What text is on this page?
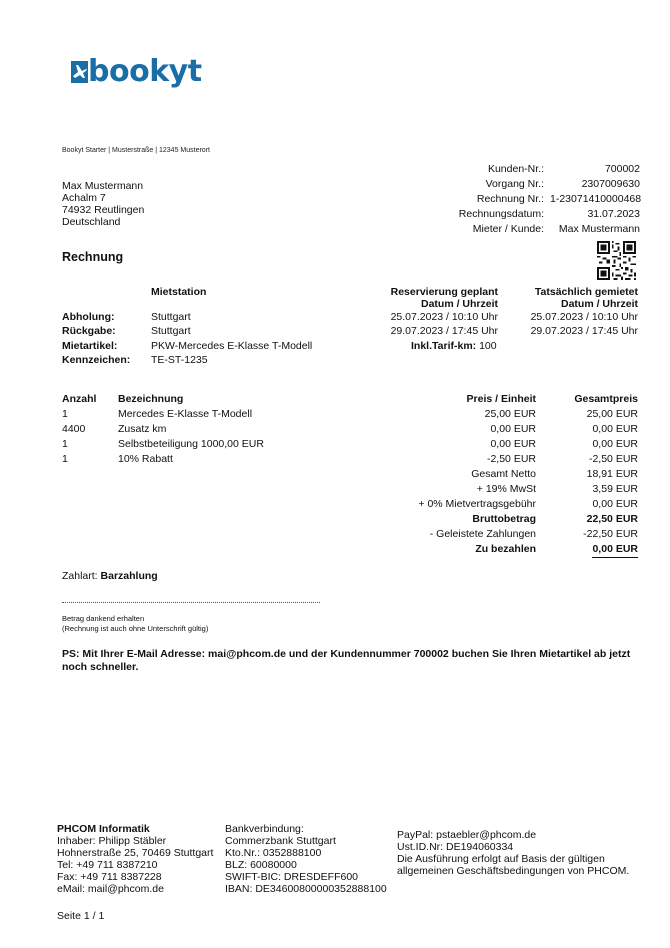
bookyt
Bookyt Starter | Musterstraße | 12345 Musterort
Max Mustermann
Achalm 7
74932 Reutlingen
Deutschland
Kunden-Nr.:	700002
Vorgang Nr.:	2307009630
Rechnung Nr.: 1-23071410000468
Rechnungsdatum:	31.07.2023
Mieter / Kunde:	Max Mustermann
Rechnung
Mietstation	Reservierung geplant
Datum / Uhrzeit
Tatsächlich gemietet
Datum / Uhrzeit
Abholung:	Stuttgart	25.07.2023 / 10:10 Uhr	25.07.2023 / 10:10 Uhr
Rückgabe:	Stuttgart	29.07.2023 / 17:45 Uhr	29.07.2023 / 17:45 Uhr
Mietartikel:	PKW-Mercedes E-Klasse T-Modell	Inkl.Tarif-km: 100
Kennzeichen: TE-ST-1235
Anzahl Bezeichnung	Preis / Einheit	Gesamtpreis
1	Mercedes E-Klasse T-Modell	25,00 EUR	25,00 EUR
4400	Zusatz km	0,00 EUR	0,00 EUR
1	Selbstbeteiligung 1000,00 EUR	0,00 EUR	0,00 EUR
1	10% Rabatt	-2,50 EUR	-2,50 EUR
Gesamt Netto	18,91 EUR
+ 19% MwSt	3,59 EUR
+ 0% Mietvertragsgebühr	0,00 EUR
Bruttobetrag	22,50 EUR
- Geleistete Zahlungen	-22,50 EUR
Zu bezahlen	0,00 EUR
Zahlart: Barzahlung
Betrag dankend erhalten
(Rechnung ist auch ohne Unterschrift gültig)
PS: Mit Ihrer E-Mail Adresse: mai@phcom.de und der Kundennummer 700002 buchen Sie Ihren Mietartikel ab jetzt noch schneller.
PHCOM Informatik
Inhaber: Philipp Stäbler
Hohnerstraße 25, 70469 Stuttgart
Tel: +49 711 8387210
Fax: +49 711 8387228
eMail: mail@phcom.de
Bankverbindung:
Commerzbank Stuttgart
Kto.Nr.: 0352888100
BLZ: 60080000
SWIFT-BIC: DRESDEFF600
IBAN: DE34600800000352888100
PayPal: pstaebler@phcom.de
Ust.ID.Nr: DE194060334
Die Ausführung erfolgt auf Basis der gültigen
allgemeinen Geschäftsbedingungen von PHCOM.
Seite 1 / 1
